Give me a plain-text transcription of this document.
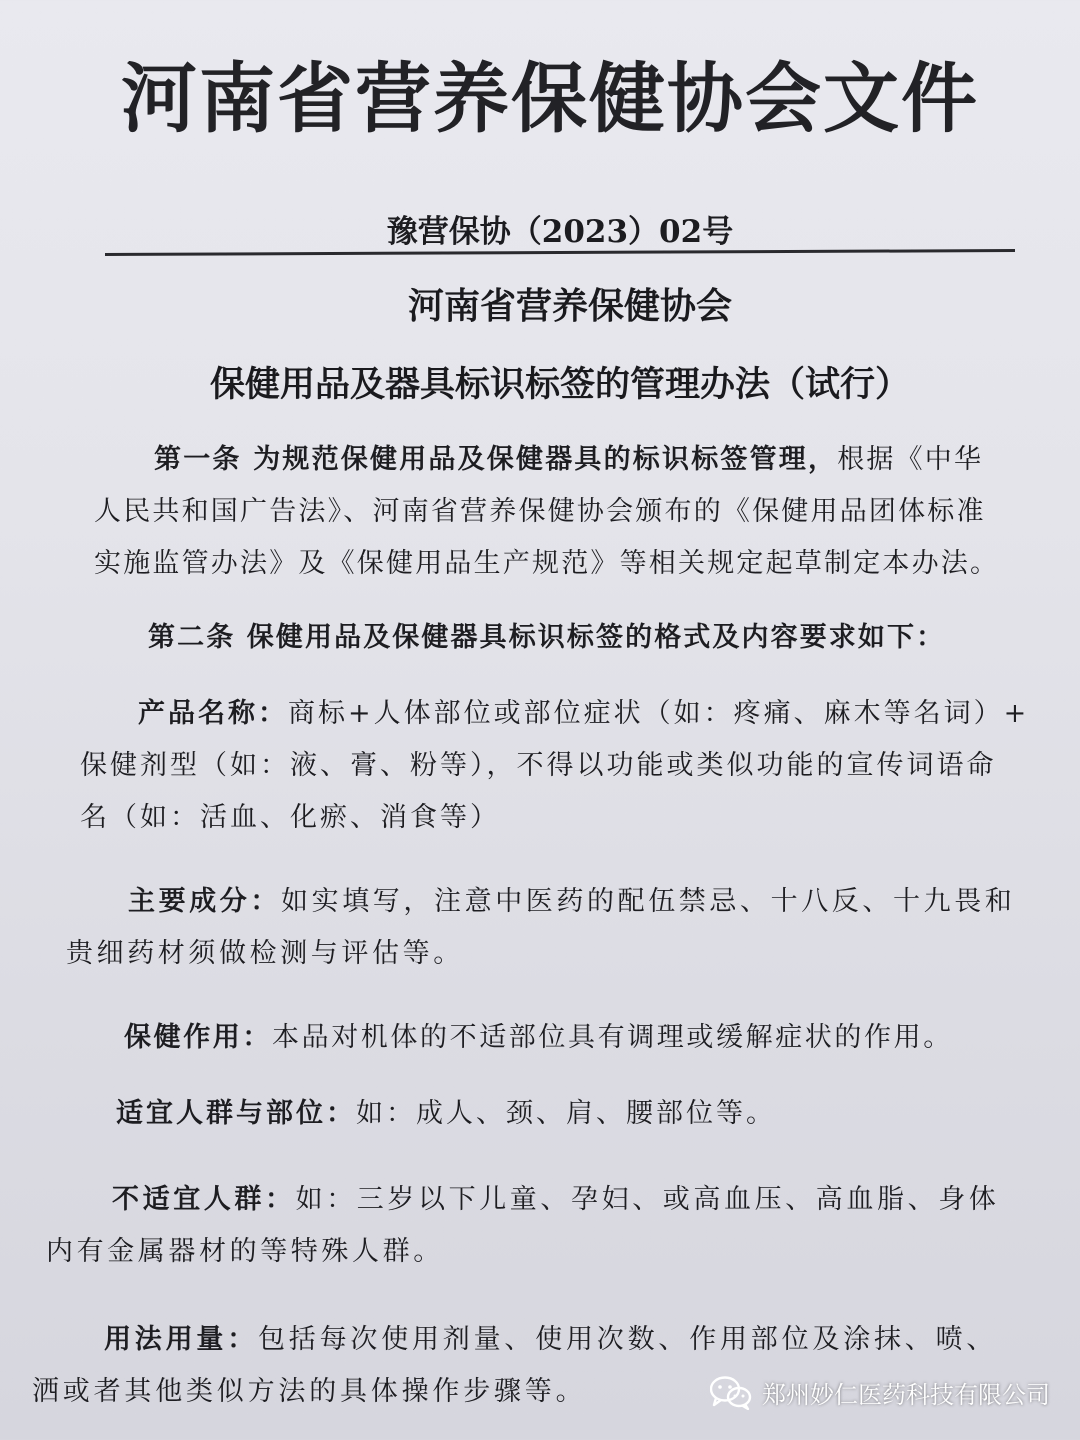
河南省营养保健协会文件
豫营保协（2023）02号
河南省营养保健协会
保健用品及器具标识标签的管理办法（试行）
第一条 为规范保健用品及保健器具的标识标签管理，根据《中华
人民共和国广告法》、河南省营养保健协会颁布的《保健用品团体标准
实施监管办法》及《保健用品生产规范》等相关规定起草制定本办法。
第二条 保健用品及保健器具标识标签的格式及内容要求如下：
产品名称：商标+人体部位或部位症状（如：疼痛、麻木等名词）+
保健剂型（如：液、膏、粉等），不得以功能或类似功能的宣传词语命
名（如：活血、化瘀、消食等）
主要成分：如实填写，注意中医药的配伍禁忌、十八反、十九畏和
贵细药材须做检测与评估等。
保健作用：本品对机体的不适部位具有调理或缓解症状的作用。
适宜人群与部位：如：成人、颈、肩、腰部位等。
不适宜人群：如：三岁以下儿童、孕妇、或高血压、高血脂、身体
内有金属器材的等特殊人群。
用法用量：包括每次使用剂量、使用次数、作用部位及涂抹、喷、
洒或者其他类似方法的具体操作步骤等。	郑州妙仁医药科技有限公司
